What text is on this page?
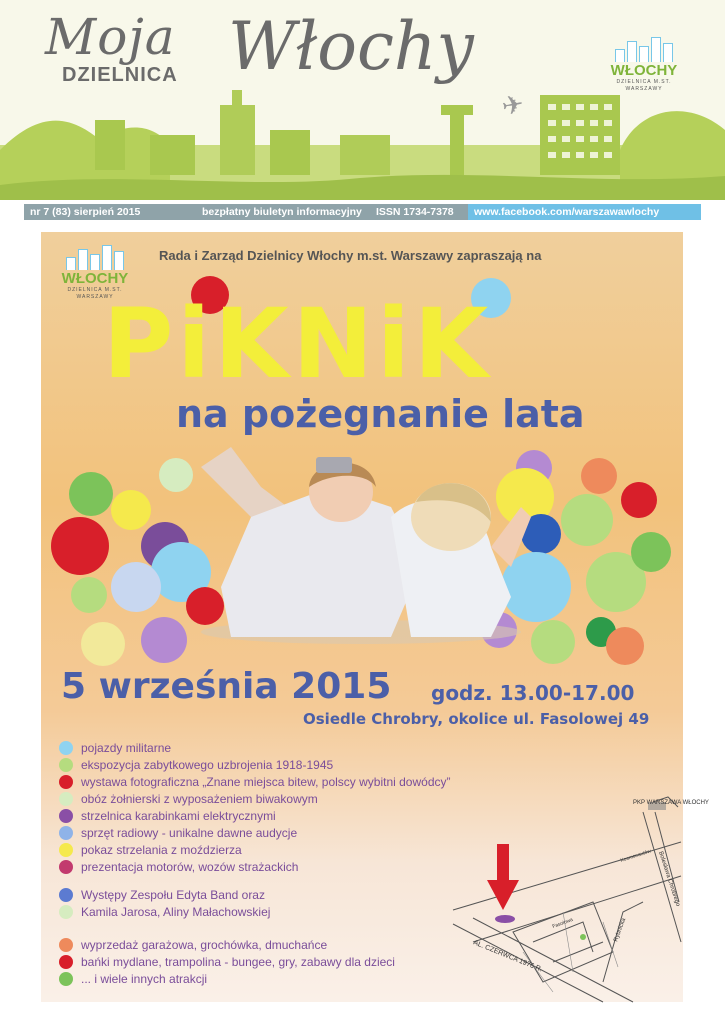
✈
Moja
DZIELNICA Włochy	WŁOCHY
DZIELNICA M.ST. WARSZAWY
nr 7 (83) sierpień 2015	bezpłatny biuletyn informacyjny ISSN 1734-7378	www.facebook.com/warszawawlochy
WŁOCHY
DZIELNICA M.ST. WARSZAWY
Rada i Zarząd Dzielnicy Włochy m.st. Warszawy zapraszają na
PiKNiK
na pożegnanie lata
5 września 2015 godz. 13.00-17.00
Osiedle Chrobry, okolice ul. Fasolowej 49
pojazdy militarne
ekspozycja zabytkowego uzbrojenia 1918-1945
wystawa fotograficzna „Znane miejsca bitew, polscy wybitni dowódcy”
obóz żołnierski z wyposażeniem biwakowym
strzelnica karabinkami elektrycznymi
sprzęt radiowy - unikalne dawne audycje
pokaz strzelania z moździerza
prezentacja motorów, wozów strażackich
Występy Zespołu Edyta Band oraz
Kamila Jarosa, Aliny Małachowskiej
wyprzedaż garażowa, grochówka, dmuchańce
bańki mydlane, trampolina - bungee, gry, zabawy dla dzieci
... i wiele innych atrakcji
PKP WARSZAWA WŁOCHY
AL. CZERWCA 1976 R.
Bolesława Chrobrego
Rybnicka
Fasolowa
Kosmonautów
